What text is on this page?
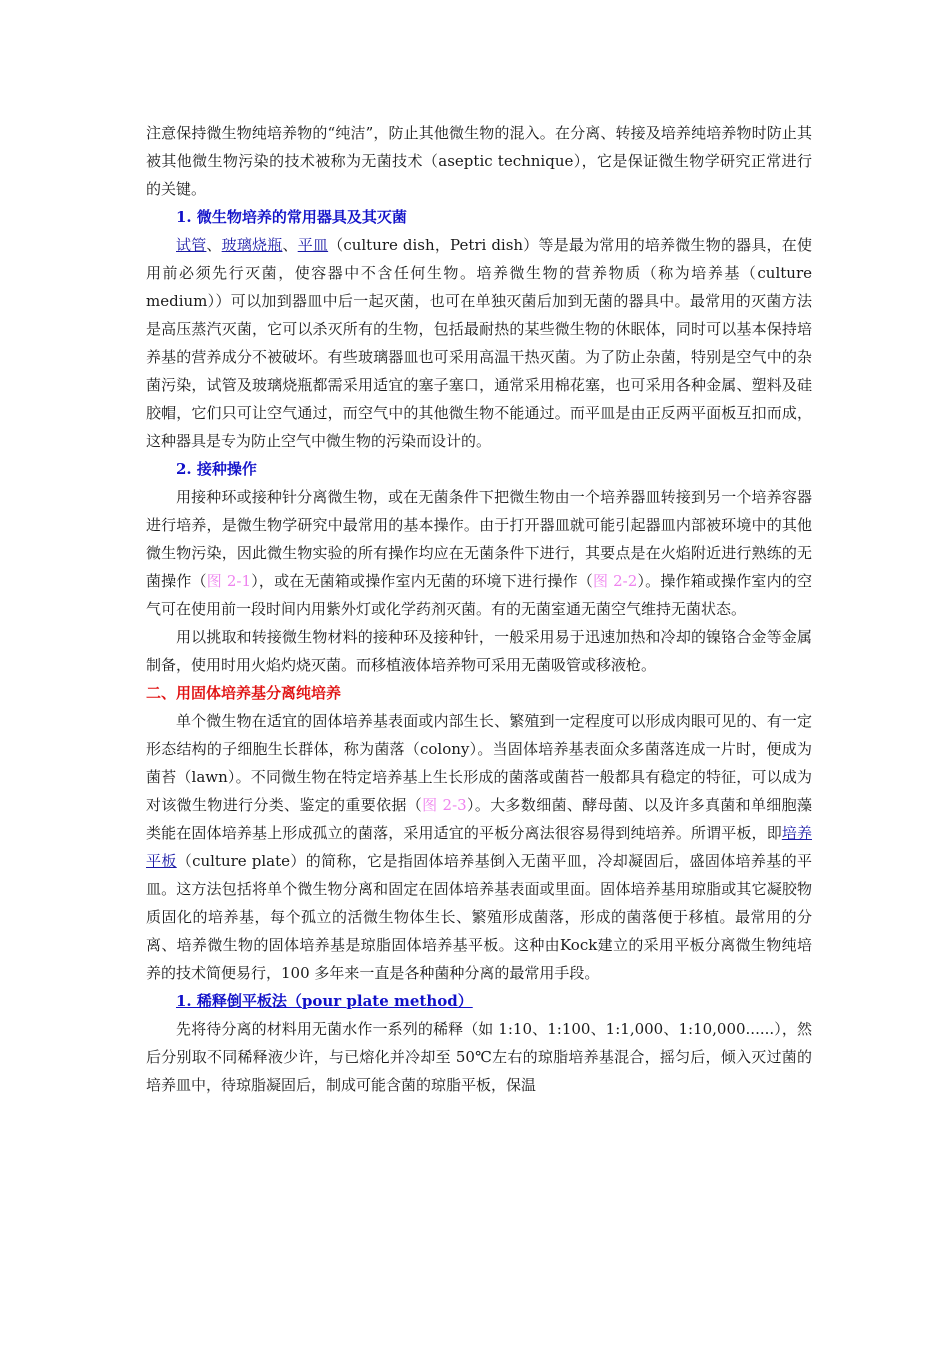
注意保持微生物纯培养物的“纯洁”，防止其他微生物的混入。在分离、转接及培养纯培养物时防止其被其他微生物污染的技术被称为无菌技术（aseptic technique），它是保证微生物学研究正常进行的关键。

1. 微生物培养的常用器具及其灭菌

试管、玻璃烧瓶、平皿（culture dish，Petri dish）等是最为常用的培养微生物的器具，在使用前必须先行灭菌，使容器中不含任何生物。培养微生物的营养物质（称为培养基（culture medium））可以加到器皿中后一起灭菌，也可在单独灭菌后加到无菌的器具中。最常用的灭菌方法是高压蒸汽灭菌，它可以杀灭所有的生物，包括最耐热的某些微生物的休眠体，同时可以基本保持培养基的营养成分不被破坏。有些玻璃器皿也可采用高温干热灭菌。为了防止杂菌，特别是空气中的杂菌污染，试管及玻璃烧瓶都需采用适宜的塞子塞口，通常采用棉花塞，也可采用各种金属、塑料及硅胶帽，它们只可让空气通过，而空气中的其他微生物不能通过。而平皿是由正反两平面板互扣而成，这种器具是专为防止空气中微生物的污染而设计的。

2. 接种操作

用接种环或接种针分离微生物，或在无菌条件下把微生物由一个培养器皿转接到另一个培养容器进行培养，是微生物学研究中最常用的基本操作。由于打开器皿就可能引起器皿内部被环境中的其他微生物污染，因此微生物实验的所有操作均应在无菌条件下进行，其要点是在火焰附近进行熟练的无菌操作（图 2-1），或在无菌箱或操作室内无菌的环境下进行操作（图 2-2）。操作箱或操作室内的空气可在使用前一段时间内用紫外灯或化学药剂灭菌。有的无菌室通无菌空气维持无菌状态。

用以挑取和转接微生物材料的接种环及接种针，一般采用易于迅速加热和冷却的镍铬合金等金属制备，使用时用火焰灼烧灭菌。而移植液体培养物可采用无菌吸管或移液枪。

二、用固体培养基分离纯培养

单个微生物在适宜的固体培养基表面或内部生长、繁殖到一定程度可以形成肉眼可见的、有一定形态结构的子细胞生长群体，称为菌落（colony）。当固体培养基表面众多菌落连成一片时，便成为菌苔（lawn）。不同微生物在特定培养基上生长形成的菌落或菌苔一般都具有稳定的特征，可以成为对该微生物进行分类、鉴定的重要依据（图 2-3）。大多数细菌、酵母菌、以及许多真菌和单细胞藻类能在固体培养基上形成孤立的菌落，采用适宜的平板分离法很容易得到纯培养。所谓平板，即培养平板（culture plate）的简称，它是指固体培养基倒入无菌平皿，冷却凝固后，盛固体培养基的平皿。这方法包括将单个微生物分离和固定在固体培养基表面或里面。固体培养基用琼脂或其它凝胶物质固化的培养基，每个孤立的活微生物体生长、繁殖形成菌落，形成的菌落便于移植。最常用的分离、培养微生物的固体培养基是琼脂固体培养基平板。这种由Kock建立的采用平板分离微生物纯培养的技术简便易行，100 多年来一直是各种菌种分离的最常用手段。

1. 稀释倒平板法（pour plate method）

先将待分离的材料用无菌水作一系列的稀释（如 1:10、1:100、1:1,000、1:10,000......），然后分别取不同稀释液少许，与已熔化并冷却至 50℃左右的琼脂培养基混合，摇匀后，倾入灭过菌的培养皿中，待琼脂凝固后，制成可能含菌的琼脂平板，保温
